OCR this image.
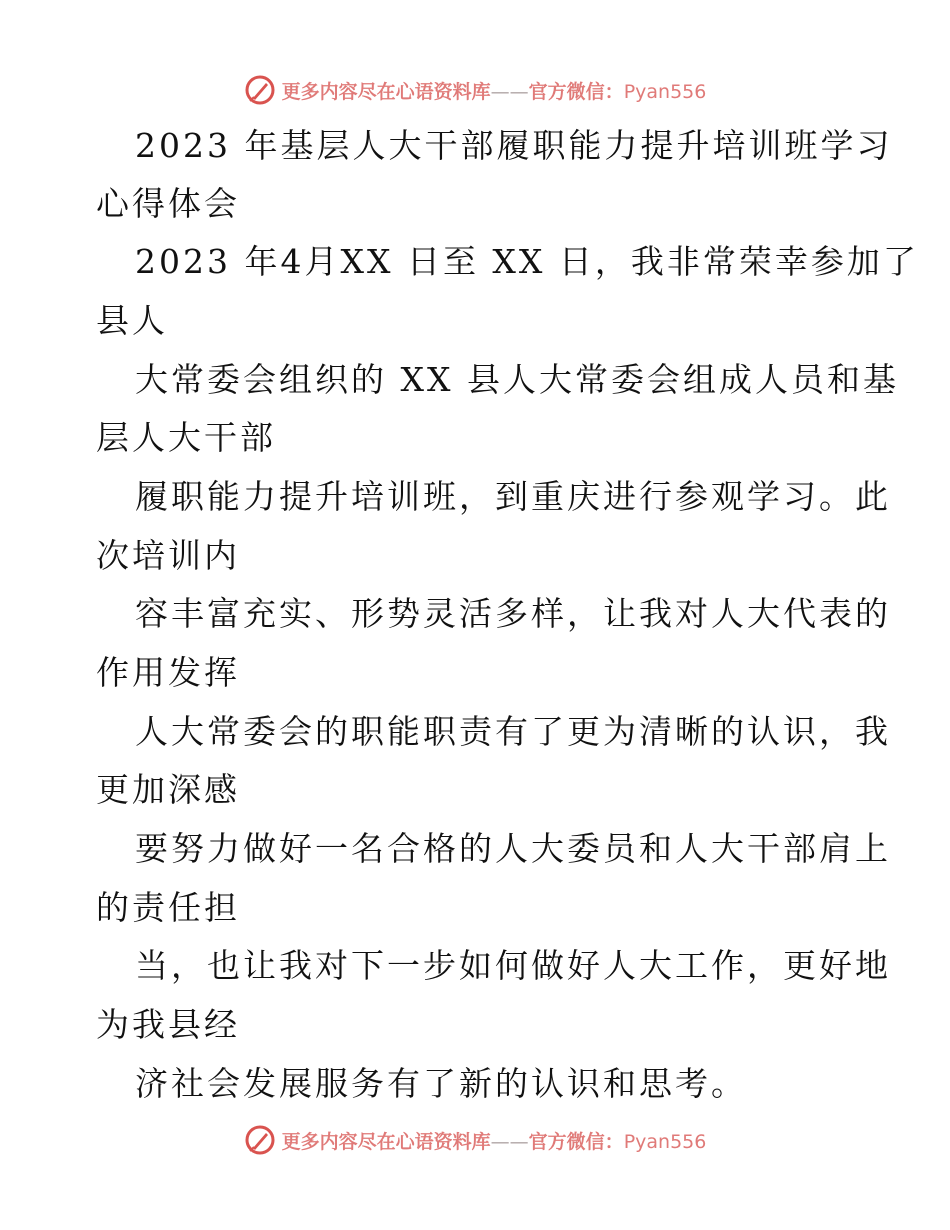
更多内容尽在心语资料库——官方微信：Pyan556
2023 年基层人大干部履职能力提升培训班学习
心得体会
2023 年4月XX 日至 XX 日，我非常荣幸参加了
县人
大常委会组织的 XX 县人大常委会组成人员和基
层人大干部
履职能力提升培训班，到重庆进行参观学习。此
次培训内
容丰富充实、形势灵活多样，让我对人大代表的
作用发挥
人大常委会的职能职责有了更为清晰的认识，我
更加深感
要努力做好一名合格的人大委员和人大干部肩上
的责任担
当，也让我对下一步如何做好人大工作，更好地
为我县经
济社会发展服务有了新的认识和思考。
更多内容尽在心语资料库——官方微信：Pyan556
